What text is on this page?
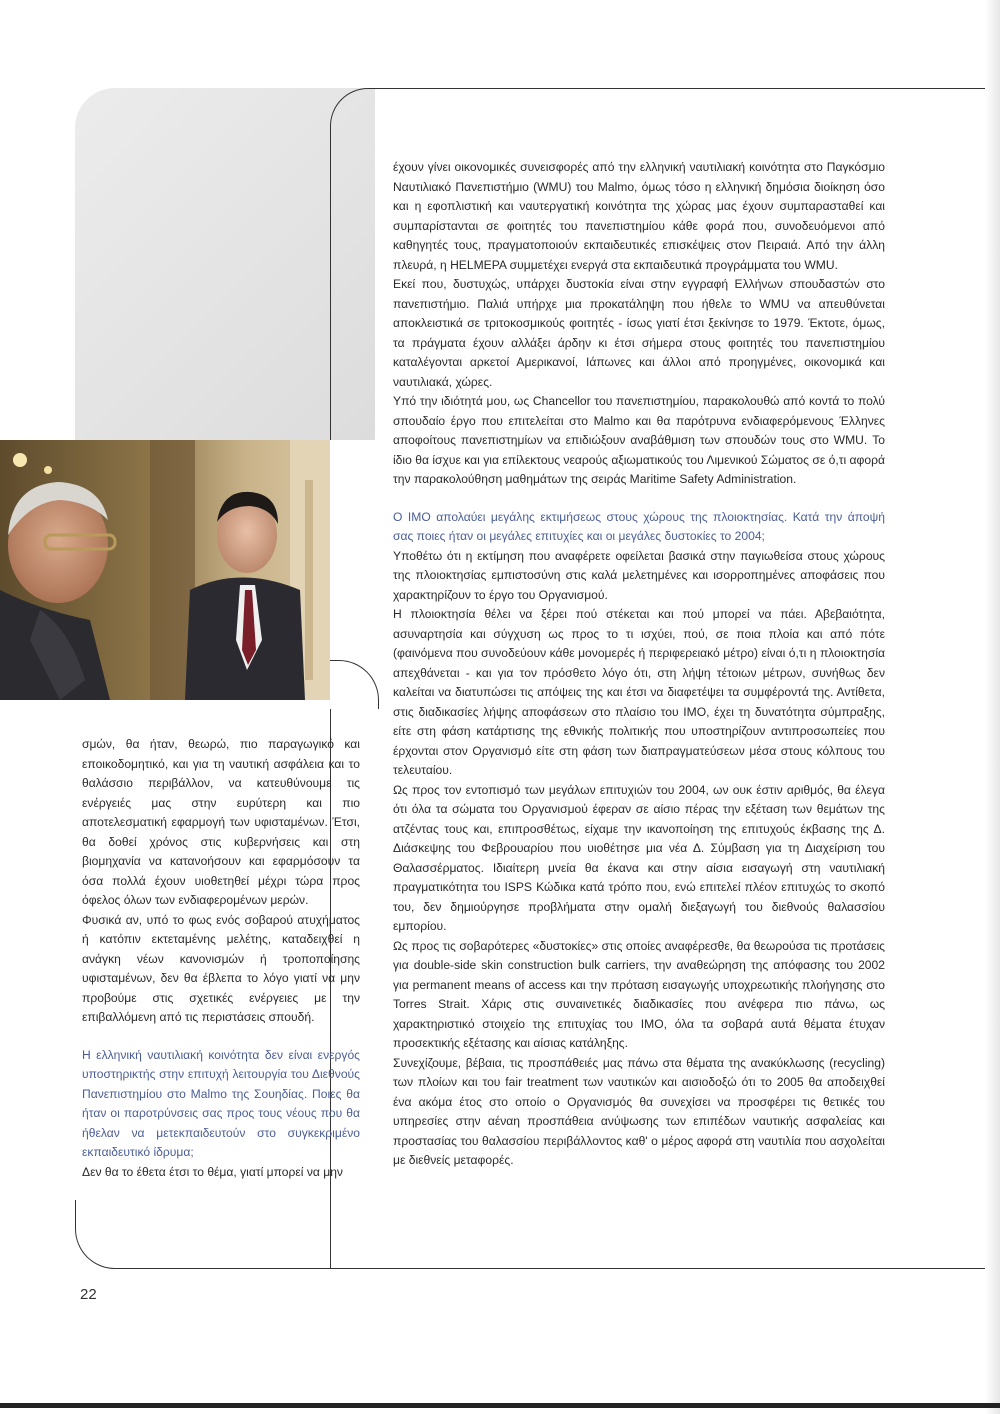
έχουν γίνει οικονομικές συνεισφορές από την ελληνική ναυτιλιακή κοινότητα στο Παγκόσμιο Ναυτιλιακό Πανεπιστήμιο (WMU) του Malmo, όμως τόσο η ελληνική δημόσια διοίκηση όσο και η εφοπλιστική και ναυτεργατική κοινότητα της χώρας μας έχουν συμπαρασταθεί και συμπαρίστανται σε φοιτητές του πανεπιστημίου κάθε φορά που, συνοδευόμενοι από καθηγητές τους, πραγματοποιούν εκπαιδευτικές επισκέψεις στον Πειραιά. Από την άλλη πλευρά, η HELMEPA συμμετέχει ενεργά στα εκπαιδευτικά προγράμματα του WMU.

Εκεί που, δυστυχώς, υπάρχει δυστοκία είναι στην εγγραφή Ελλήνων σπουδαστών στο πανεπιστήμιο. Παλιά υπήρχε μια προκατάληψη που ήθελε το WMU να απευθύνεται αποκλειστικά σε τριτοκοσμικούς φοιτητές - ίσως γιατί έτσι ξεκίνησε το 1979. Έκτοτε, όμως, τα πράγματα έχουν αλλάξει άρδην κι έτσι σήμερα στους φοιτητές του πανεπιστημίου καταλέγονται αρκετοί Αμερικανοί, Ιάπωνες και άλλοι από προηγμένες, οικονομικά και ναυτιλιακά, χώρες.

Υπό την ιδιότητά μου, ως Chancellor του πανεπιστημίου, παρακολουθώ από κοντά το πολύ σπουδαίο έργο που επιτελείται στο Malmo και θα παρότρυνα ενδιαφερόμενους Έλληνες αποφοίτους πανεπιστημίων να επιδιώξουν αναβάθμιση των σπουδών τους στο WMU. Το ίδιο θα ίσχυε και για επίλεκτους νεαρούς αξιωματικούς του Λιμενικού Σώματος σε ό,τι αφορά την παρακολούθηση μαθημάτων της σειράς Maritime Safety Administration.

Ο ΙΜΟ απολαύει μεγάλης εκτιμήσεως στους χώρους της πλοιοκτησίας. Κατά την άποψή σας ποιες ήταν οι μεγάλες επιτυχίες και οι μεγάλες δυστοκίες το 2004;

Υποθέτω ότι η εκτίμηση που αναφέρετε οφείλεται βασικά στην παγιωθείσα στους χώρους της πλοιοκτησίας εμπιστοσύνη στις καλά μελετημένες και ισορροπημένες αποφάσεις που χαρακτηρίζουν το έργο του Οργανισμού.

Η πλοιοκτησία θέλει να ξέρει πού στέκεται και πού μπορεί να πάει. Αβεβαιότητα, ασυναρτησία και σύγχυση ως προς το τι ισχύει, πού, σε ποια πλοία και από πότε (φαινόμενα που συνοδεύουν κάθε μονομερές ή περιφερειακό μέτρο) είναι ό,τι η πλοιοκτησία απεχθάνεται - και για τον πρόσθετο λόγο ότι, στη λήψη τέτοιων μέτρων, συνήθως δεν καλείται να διατυπώσει τις απόψεις της και έτσι να διαφετέψει τα συμφέροντά της. Αντίθετα, στις διαδικασίες λήψης αποφάσεων στο πλαίσιο του ΙΜΟ, έχει τη δυνατότητα σύμπραξης, είτε στη φάση κατάρτισης της εθνικής πολιτικής που υποστηρίζουν αντιπροσωπείες που έρχονται στον Οργανισμό είτε στη φάση των διαπραγματεύσεων μέσα στους κόλπους του τελευταίου.

Ως προς τον εντοπισμό των μεγάλων επιτυχιών του 2004, ων ουκ έστιν αριθμός, θα έλεγα ότι όλα τα σώματα του Οργανισμού έφεραν σε αίσιο πέρας την εξέταση των θεμάτων της ατζέντας τους και, επιπροσθέτως, είχαμε την ικανοποίηση της επιτυχούς έκβασης της Δ. Διάσκεψης του Φεβρουαρίου που υιοθέτησε μια νέα Δ. Σύμβαση για τη Διαχείριση του Θαλασσέρματος. Ιδιαίτερη μνεία θα έκανα και στην αίσια εισαγωγή στη ναυτιλιακή πραγματικότητα του ISPS Κώδικα κατά τρόπο που, ενώ επιτελεί πλέον επιτυχώς το σκοπό του, δεν δημιούργησε προβλήματα στην ομαλή διεξαγωγή του διεθνούς θαλασσίου εμπορίου.

Ως προς τις σοβαρότερες «δυστοκίες» στις οποίες αναφέρεσθε, θα θεωρούσα τις προτάσεις για double-side skin construction bulk carriers, την αναθεώρηση της απόφασης του 2002 για permanent means of access και την πρόταση εισαγωγής υποχρεωτικής πλοήγησης στο Torres Strait. Χάρις στις συναινετικές διαδικασίες που ανέφερα πιο πάνω, ως χαρακτηριστικό στοιχείο της επιτυχίας του ΙΜΟ, όλα τα σοβαρά αυτά θέματα έτυχαν προσεκτικής εξέτασης και αίσιας κατάληξης.

Συνεχίζουμε, βέβαια, τις προσπάθειές μας πάνω στα θέματα της ανακύκλωσης (recycling) των πλοίων και του fair treatment των ναυτικών και αισιοδοξώ ότι το 2005 θα αποδειχθεί ένα ακόμα έτος στο οποίο ο Οργανισμός θα συνεχίσει να προσφέρει τις θετικές του υπηρεσίες στην αέναη προσπάθεια ανύψωσης των επιπέδων ναυτικής ασφαλείας και προστασίας του θαλασσίου περιβάλλοντος καθ' ο μέρος αφορά στη ναυτιλία που ασχολείται με διεθνείς μεταφορές.

σμών, θα ήταν, θεωρώ, πιο παραγωγικό και εποικοδομητικό, και για τη ναυτική ασφάλεια και το θαλάσσιο περιβάλλον, να κατευθύνουμε τις ενέργειές μας στην ευρύτερη και πιο αποτελεσματική εφαρμογή των υφισταμένων. Έτσι, θα δοθεί χρόνος στις κυβερνήσεις και στη βιομηχανία να κατανοήσουν και εφαρμόσουν τα όσα πολλά έχουν υιοθετηθεί μέχρι τώρα προς όφελος όλων των ενδιαφερομένων μερών.

Φυσικά αν, υπό το φως ενός σοβαρού ατυχήματος ή κατόπιν εκτεταμένης μελέτης, καταδειχθεί η ανάγκη νέων κανονισμών ή τροποποίησης υφισταμένων, δεν θα έβλεπα το λόγο γιατί να μην προβούμε στις σχετικές ενέργειες με την επιβαλλόμενη από τις περιστάσεις σπουδή.

Η ελληνική ναυτιλιακή κοινότητα δεν είναι ενεργός υποστηρικτής στην επιτυχή λειτουργία του Διεθνούς Πανεπιστημίου στο Malmo της Σουηδίας. Ποιες θα ήταν οι παροτρύνσεις σας προς τους νέους που θα ήθελαν να μετεκπαιδευτούν στο συγκεκριμένο εκπαιδευτικό ίδρυμα;

Δεν θα το έθετα έτσι το θέμα, γιατί μπορεί να μην

22
